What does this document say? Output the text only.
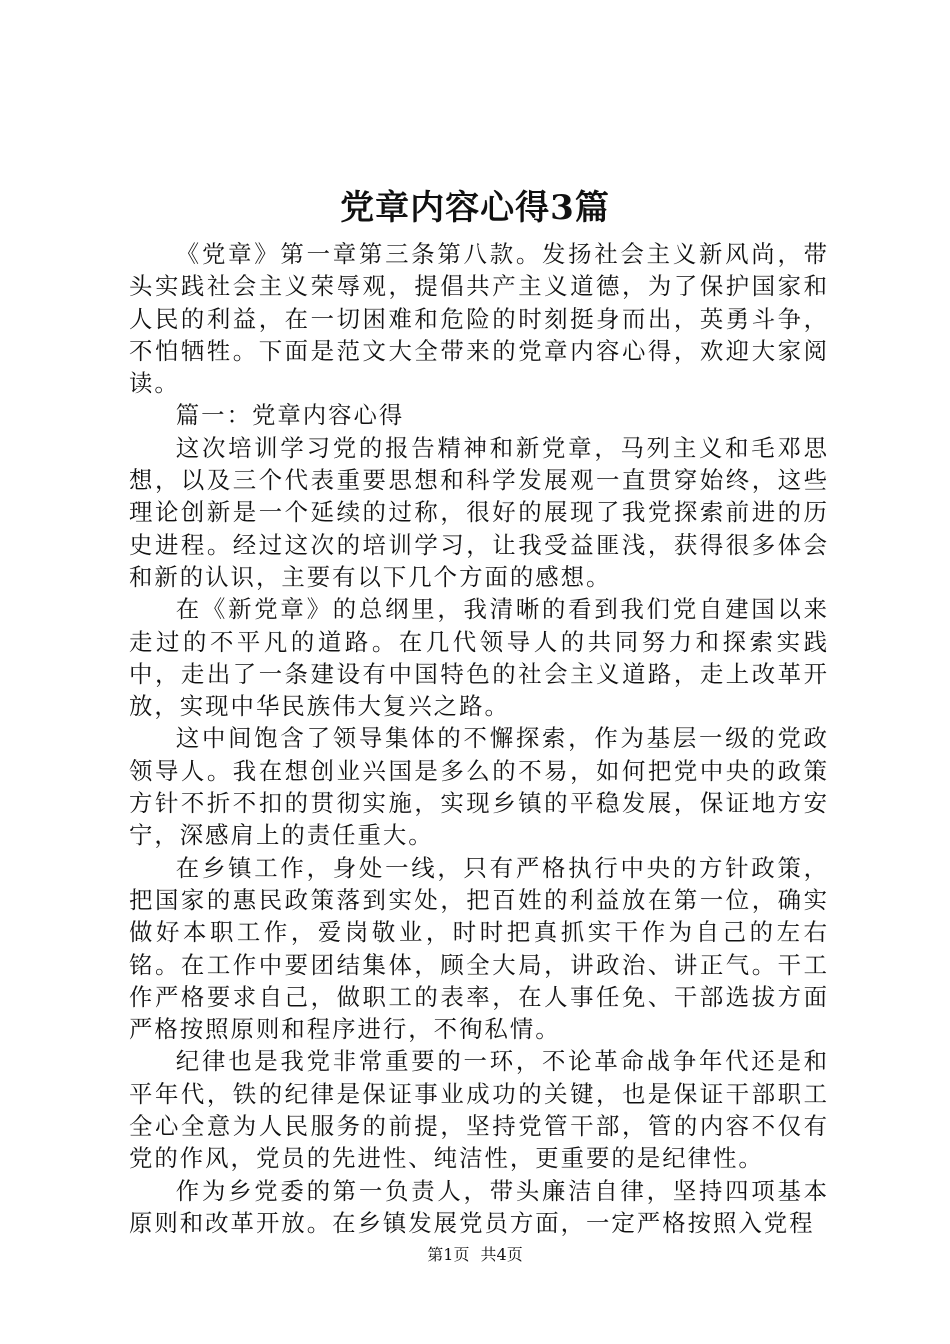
党章内容心得3篇

《党章》第一章第三条第八款。发扬社会主义新风尚，带头实践社会主义荣辱观，提倡共产主义道德，为了保护国家和人民的利益，在一切困难和危险的时刻挺身而出，英勇斗争，不怕牺牲。下面是范文大全带来的党章内容心得，欢迎大家阅读。

篇一：党章内容心得

这次培训学习党的报告精神和新党章，马列主义和毛邓思想，以及三个代表重要思想和科学发展观一直贯穿始终，这些理论创新是一个延续的过称，很好的展现了我党探索前进的历史进程。经过这次的培训学习，让我受益匪浅，获得很多体会和新的认识，主要有以下几个方面的感想。

在《新党章》的总纲里，我清晰的看到我们党自建国以来走过的不平凡的道路。在几代领导人的共同努力和探索实践中，走出了一条建设有中国特色的社会主义道路，走上改革开放，实现中华民族伟大复兴之路。

这中间饱含了领导集体的不懈探索，作为基层一级的党政领导人。我在想创业兴国是多么的不易，如何把党中央的政策方针不折不扣的贯彻实施，实现乡镇的平稳发展，保证地方安宁，深感肩上的责任重大。

在乡镇工作，身处一线，只有严格执行中央的方针政策，把国家的惠民政策落到实处，把百姓的利益放在第一位，确实做好本职工作，爱岗敬业，时时把真抓实干作为自己的左右铭。在工作中要团结集体，顾全大局，讲政治、讲正气。干工作严格要求自己，做职工的表率，在人事任免、干部选拔方面严格按照原则和程序进行，不徇私情。

纪律也是我党非常重要的一环，不论革命战争年代还是和平年代，铁的纪律是保证事业成功的关键，也是保证干部职工全心全意为人民服务的前提，坚持党管干部，管的内容不仅有党的作风，党员的先进性、纯洁性，更重要的是纪律性。

作为乡党委的第一负责人，带头廉洁自律，坚持四项基本原则和改革开放。在乡镇发展党员方面，一定严格按照入党程

第1页 共4页
